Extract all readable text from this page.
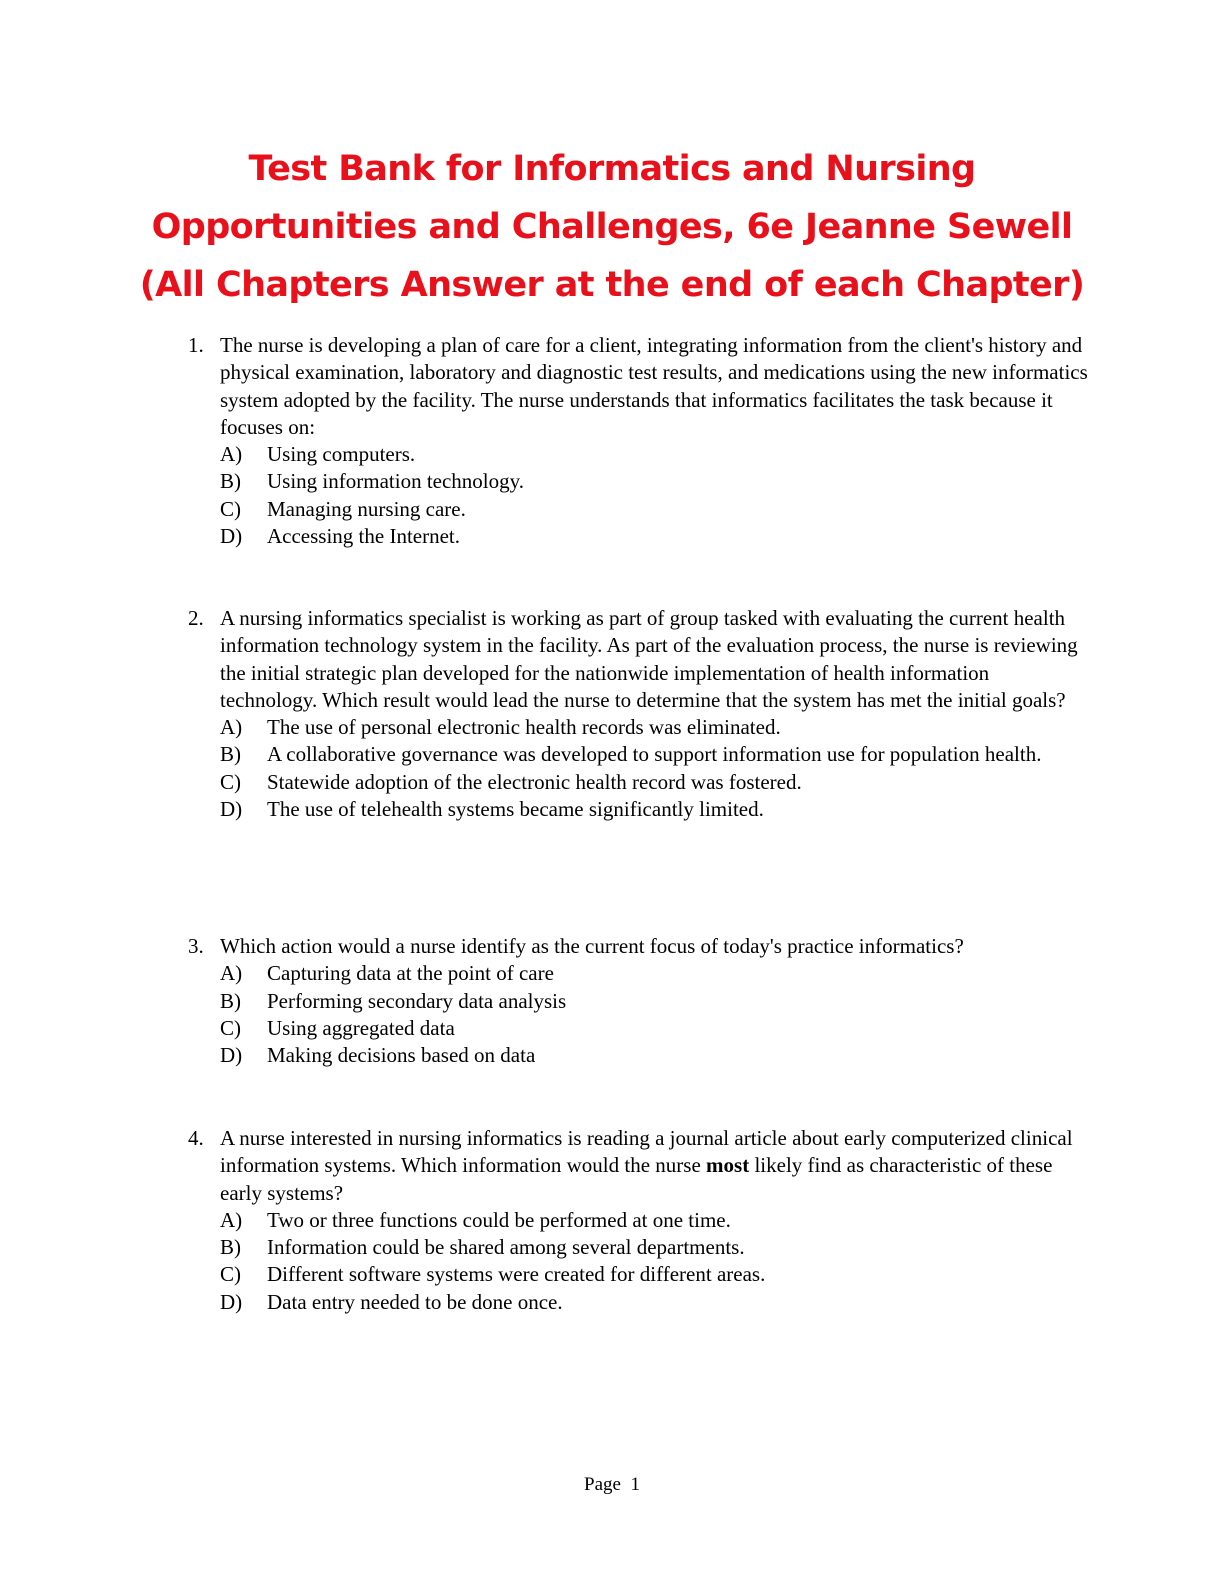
Test Bank for Informatics and Nursing
Opportunities and Challenges, 6e Jeanne Sewell
(All Chapters Answer at the end of each Chapter)
1. The nurse is developing a plan of care for a client, integrating information from the client's history and physical examination, laboratory and diagnostic test results, and medications using the new informatics system adopted by the facility. The nurse understands that informatics facilitates the task because it focuses on:
A)	Using computers.
B)	Using information technology.
C)	Managing nursing care.
D)	Accessing the Internet.
2. A nursing informatics specialist is working as part of group tasked with evaluating the current health information technology system in the facility. As part of the evaluation process, the nurse is reviewing the initial strategic plan developed for the nationwide implementation of health information technology. Which result would lead the nurse to determine that the system has met the initial goals?
A)	The use of personal electronic health records was eliminated.
B)	A collaborative governance was developed to support information use for population health.
C)	Statewide adoption of the electronic health record was fostered.
D)	The use of telehealth systems became significantly limited.
3. Which action would a nurse identify as the current focus of today's practice informatics?
A)	Capturing data at the point of care
B)	Performing secondary data analysis
C)	Using aggregated data
D)	Making decisions based on data
4. A nurse interested in nursing informatics is reading a journal article about early computerized clinical information systems. Which information would the nurse most likely find as characteristic of these early systems?
A)	Two or three functions could be performed at one time.
B)	Information could be shared among several departments.
C)	Different software systems were created for different areas.
D)	Data entry needed to be done once.
Page 1
